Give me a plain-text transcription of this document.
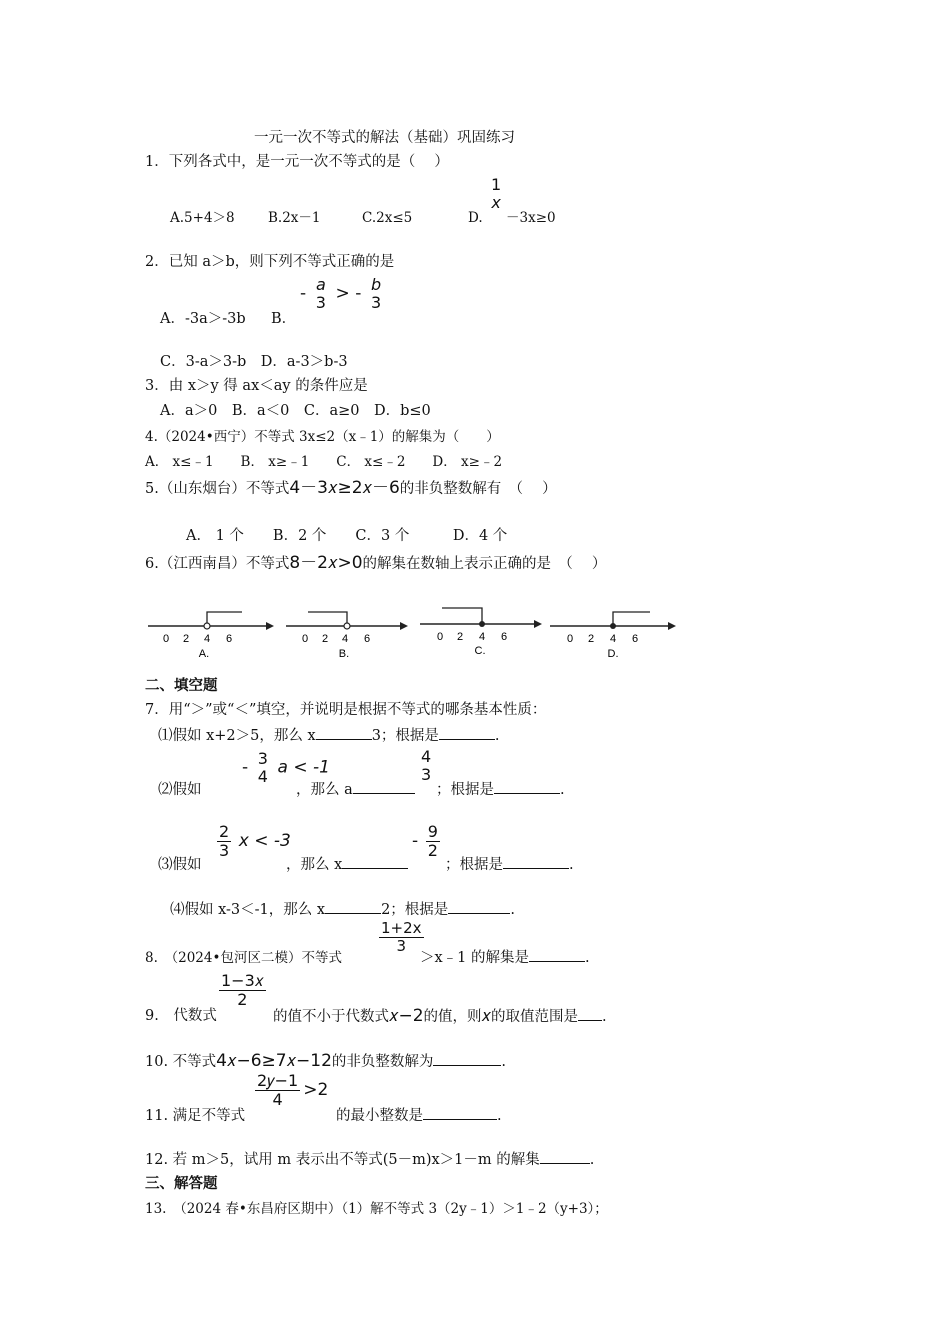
一元一次不等式的解法（基础）巩固练习
1．下列各式中，是一元一次不等式的是（　 ）
A.5+4＞8 B.2x－1	C.2x≤5	D.
1
x
－3x≥0
2．已知 a＞b，则下列不等式正确的是
A．-3a＞-3b B．
- a
3 > - b
3
C．3-a＞3-b　D．a-3＞b-3
3．由 x＞y 得 ax＜ay 的条件应是
A．a＞0　B．a＜0　C．a≥0　D．b≤0
4.（2024•西宁）不等式 3x≤2（x﹣1）的解集为（　　）
A． x≤﹣1　　B． x≥﹣1　　C． x≤﹣2　　D． x≥﹣2
5.（山东烟台）不等式4－3𝑥≥2𝑥－6的非负整数解有　（　 ）
A． 1 个　　B．2 个　　C．3 个　　　D．4 个
6.（江西南昌）不等式8－2𝑥>0的解集在数轴上表示正确的是　（　 ）
0 2 4 6
A.
0 2 4 6
B.
0 2 4 6
C.
0 2 4 6
D.
二、填空题
7．用“＞”或“＜”填空，并说明是根据不等式的哪条基本性质：
⑴假如 x+2＞5，那么 x	3；根据是	.
⑵假如
- 3
4 a < -1
，那么 a
4
3
；根据是	.
⑶假如
$\frac{2}{3}$ x < -3
，那么 x
- $\frac{9}{2}$
；根据是	.
⑷假如 x-3＜-1，那么 x	2；根据是	.
8.　（2024•包河区二模）不等式
$\frac{1+2x}{3}$
＞x﹣1 的解集是	.
9.　代数式
$\frac{\text{1−3𝑥}}{2}$
的值不小于代数式𝑥−2的值，则𝑥的取值范围是 .
10. 不等式4𝑥−6≥7𝑥−12的非负整数解为	.
11. 满足不等式
$\frac{\text{2𝑦−1}}{4} >2$
的最小整数是	.
12. 若 m＞5，试用 m 表示出不等式(5－m)x＞1－m 的解集	.
三、解答题
13.　（2024 春•东昌府区期中）（1）解不等式 3（2y﹣1）＞1﹣2（y+3）；
